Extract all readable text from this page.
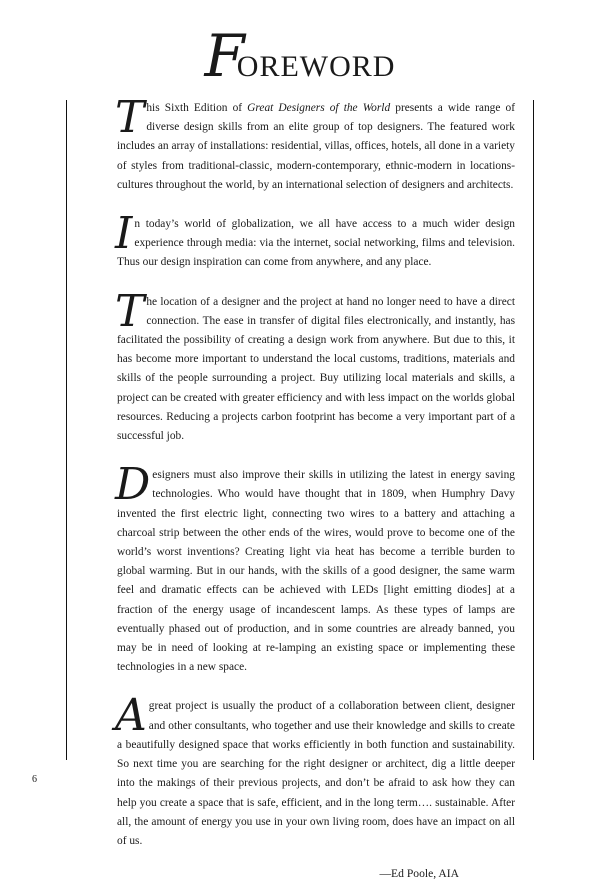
FOREWORD

This Sixth Edition of Great Designers of the World presents a wide range of diverse design skills from an elite group of top designers. The featured work includes an array of installations: residential, villas, offices, hotels, all done in a variety of styles from traditional-classic, modern-contemporary, ethnic-modern in locations-cultures throughout the world, by an international selection of designers and architects.

In today’s world of globalization, we all have access to a much wider design experience through media: via the internet, social networking, films and television. Thus our design inspiration can come from anywhere, and any place.

The location of a designer and the project at hand no longer need to have a direct connection. The ease in transfer of digital files electronically, and instantly, has facilitated the possibility of creating a design work from anywhere. But due to this, it has become more important to understand the local customs, traditions, materials and skills of the people surrounding a project. Buy utilizing local materials and skills, a project can be created with greater efficiency and with less impact on the worlds global resources. Reducing a projects carbon footprint has become a very important part of a successful job.

Designers must also improve their skills in utilizing the latest in energy saving technologies. Who would have thought that in 1809, when Humphry Davy invented the first electric light, connecting two wires to a battery and attaching a charcoal strip between the other ends of the wires, would prove to become one of the world’s worst inventions? Creating light via heat has become a terrible burden to global warming. But in our hands, with the skills of a good designer, the same warm feel and dramatic effects can be achieved with LEDs [light emitting diodes] at a fraction of the energy usage of incandescent lamps. As these types of lamps are eventually phased out of production, and in some countries are already banned, you may be in need of looking at re-lamping an existing space or implementing these technologies in a new space.

A great project is usually the product of a collaboration between client, designer and other consultants, who together and use their knowledge and skills to create a beautifully designed space that works efficiently in both function and sustainability. So next time you are searching for the right designer or architect, dig a little deeper into the makings of their previous projects, and don’t be afraid to ask how they can help you create a space that is safe, efficient, and in the long term…. sustainable. After all, the amount of energy you use in your own living room, does have an impact on all of us.

—Ed Poole, AIA
6
